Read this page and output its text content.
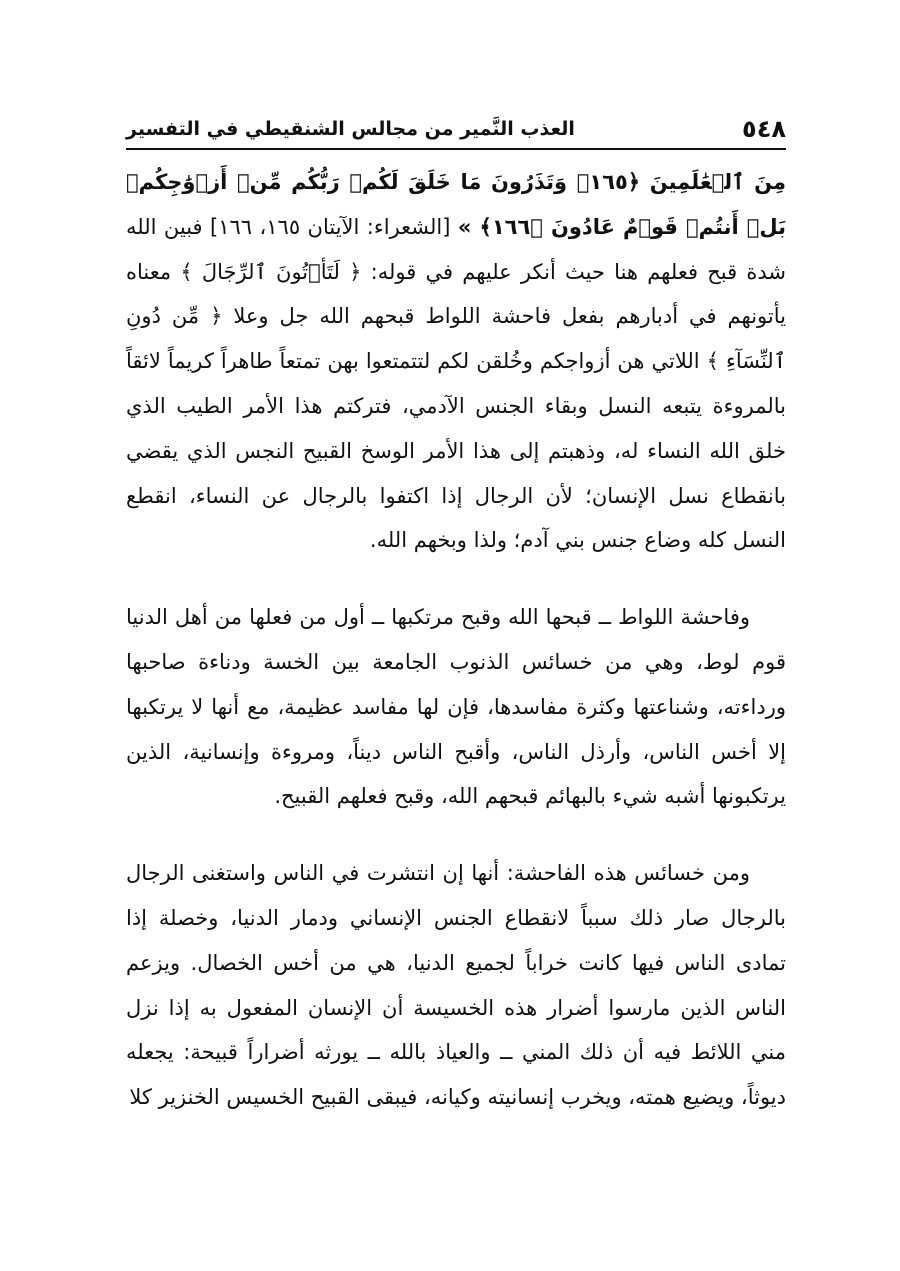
٥٤٨
العذب النَّمير من مجالس الشنقيطي في التفسير

مِنَ ٱلۡعَٰلَمِينَ ﴿١٦٥﴾ وَتَذَرُونَ مَا خَلَقَ لَكُمۡ رَبُّكُم مِّنۡ أَزۡوَٰجِكُمۚ بَلۡ أَنتُمۡ قَوۡمٌ عَادُونَ ﴿١٦٦﴾ » [الشعراء: الآيتان ١٦٥، ١٦٦] فبين الله شدة قبح فعلهم هنا حيث أنكر عليهم في قوله: ﴿ لَتَأۡتُونَ ٱلرِّجَالَ ﴾ معناه يأتونهم في أدبارهم بفعل فاحشة اللواط قبحهم الله جل وعلا ﴿ مِّن دُونِ ٱلنِّسَآءِ ﴾ اللاتي هن أزواجكم وخُلقن لكم لتتمتعوا بهن تمتعاً طاهراً كريماً لائقاً بالمروءة يتبعه النسل وبقاء الجنس الآدمي، فتركتم هذا الأمر الطيب الذي خلق الله النساء له، وذهبتم إلى هذا الأمر الوسخ القبيح النجس الذي يقضي بانقطاع نسل الإنسان؛ لأن الرجال إذا اكتفوا بالرجال عن النساء، انقطع النسل كله وضاع جنس بني آدم؛ ولذا وبخهم الله.

وفاحشة اللواط ــ قبحها الله وقبح مرتكبها ــ أول من فعلها من أهل الدنيا قوم لوط، وهي من خسائس الذنوب الجامعة بين الخسة ودناءة صاحبها ورداءته، وشناعتها وكثرة مفاسدها، فإن لها مفاسد عظيمة، مع أنها لا يرتكبها إلا أخس الناس، وأرذل الناس، وأقبح الناس ديناً، ومروءة وإنسانية، الذين يرتكبونها أشبه شيء بالبهائم قبحهم الله، وقبح فعلهم القبيح.

ومن خسائس هذه الفاحشة: أنها إن انتشرت في الناس واستغنى الرجال بالرجال صار ذلك سبباً لانقطاع الجنس الإنساني ودمار الدنيا، وخصلة إذا تمادى الناس فيها كانت خراباً لجميع الدنيا، هي من أخس الخصال. ويزعم الناس الذين مارسوا أضرار هذه الخسيسة أن الإنسان المفعول به إذا نزل مني اللائط فيه أن ذلك المني ــ والعياذ بالله ــ يورثه أضراراً قبيحة: يجعله ديوثاً، ويضيع همته، ويخرب إنسانيته وكيانه، فيبقى القبيح الخسيس الخنزير كلا
